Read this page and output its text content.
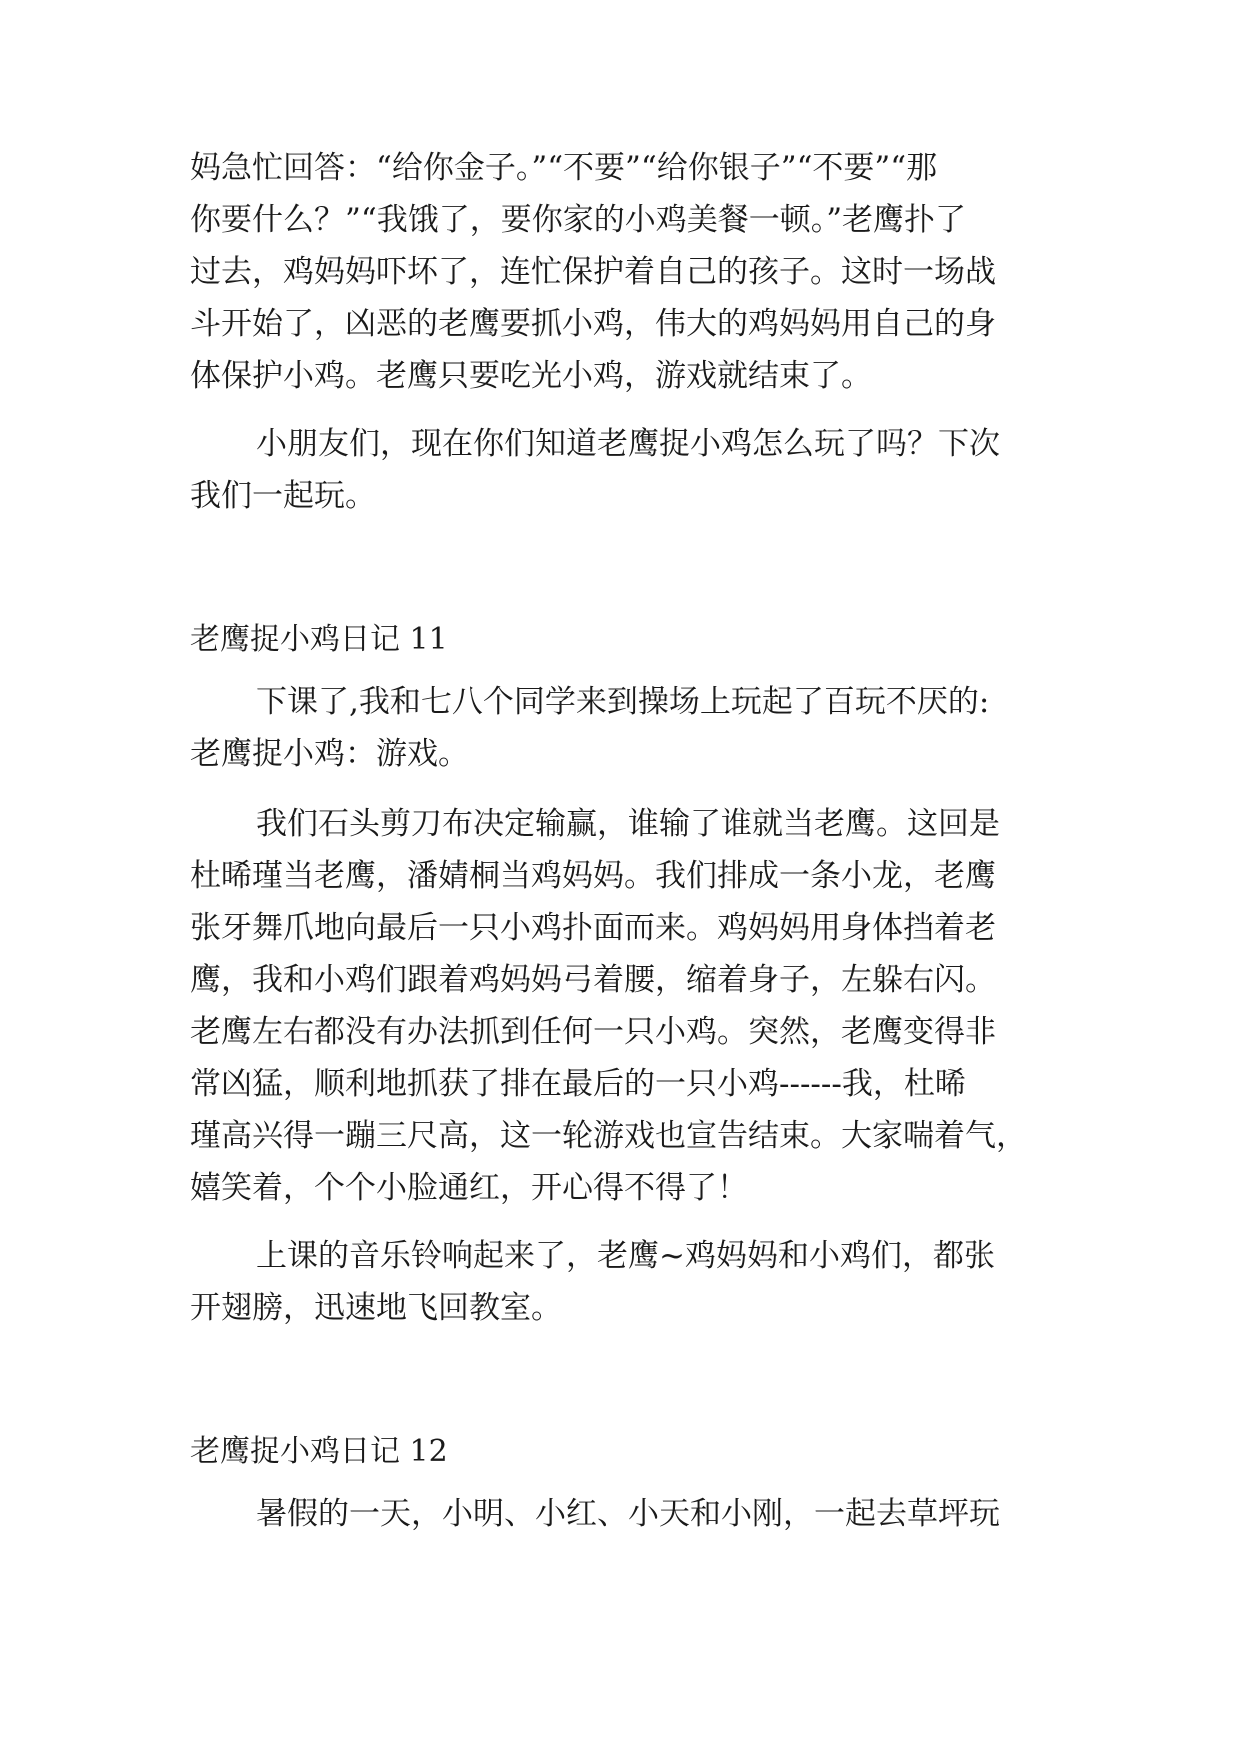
妈急忙回答：“给你金子。”“不要”“给你银子”“不要”“那
你要什么？”“我饿了，要你家的小鸡美餐一顿。”老鹰扑了
过去，鸡妈妈吓坏了，连忙保护着自己的孩子。这时一场战
斗开始了，凶恶的老鹰要抓小鸡，伟大的鸡妈妈用自己的身
体保护小鸡。老鹰只要吃光小鸡，游戏就结束了。
小朋友们，现在你们知道老鹰捉小鸡怎么玩了吗？下次
我们一起玩。
老鹰捉小鸡日记 11
下课了,我和七八个同学来到操场上玩起了百玩不厌的:
老鹰捉小鸡：游戏。
我们石头剪刀布决定输赢，谁输了谁就当老鹰。这回是
杜晞瑾当老鹰，潘婧桐当鸡妈妈。我们排成一条小龙，老鹰
张牙舞爪地向最后一只小鸡扑面而来。鸡妈妈用身体挡着老
鹰，我和小鸡们跟着鸡妈妈弓着腰，缩着身子，左躲右闪。
老鹰左右都没有办法抓到任何一只小鸡。突然，老鹰变得非
常凶猛，顺利地抓获了排在最后的一只小鸡------我，杜晞
瑾高兴得一蹦三尺高，这一轮游戏也宣告结束。大家喘着气，
嬉笑着，个个小脸通红，开心得不得了！
上课的音乐铃响起来了，老鹰~鸡妈妈和小鸡们，都张
开翅膀，迅速地飞回教室。
老鹰捉小鸡日记 12
暑假的一天，小明、小红、小天和小刚，一起去草坪玩
